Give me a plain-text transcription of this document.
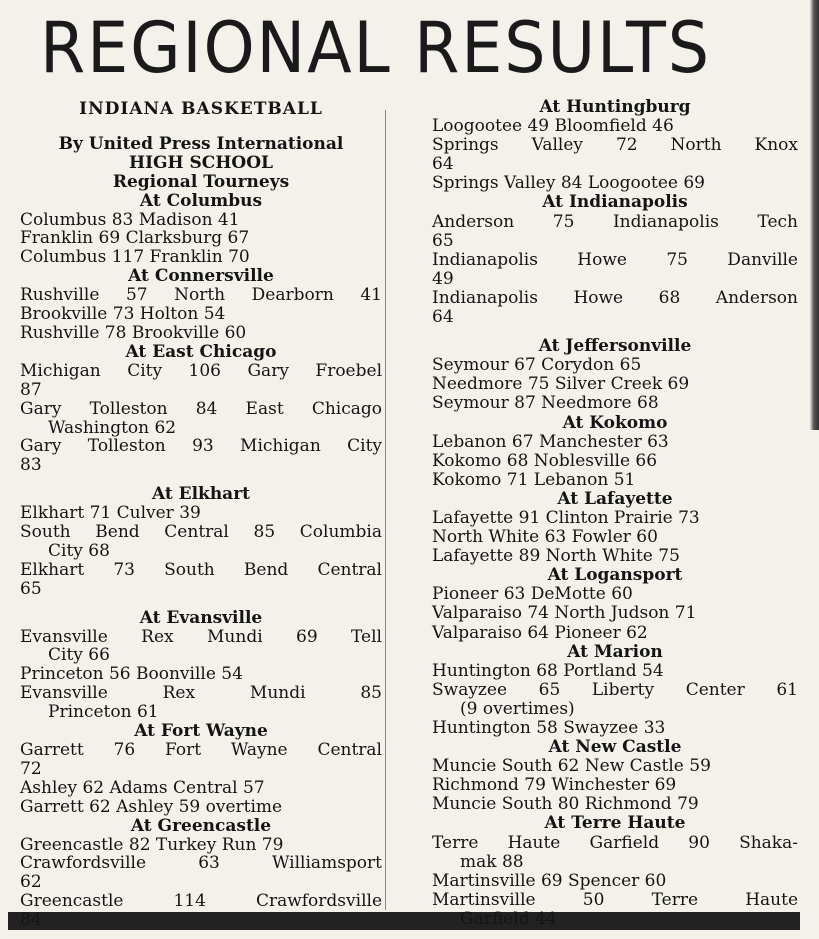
REGIONAL RESULTS
INDIANA BASKETBALL
By United Press International
HIGH SCHOOL
Regional Tourneys
At Columbus
Columbus 83 Madison 41
Franklin 69 Clarksburg 67
Columbus 117 Franklin 70
At Connersville
Rushville 57 North Dearborn 41
Brookville 73 Holton 54
Rushville 78 Brookville 60
At East Chicago
Michigan City 106 Gary Froebel
87
Gary Tolleston 84 East Chicago
Washington 62
Gary Tolleston 93 Michigan City
83
At Elkhart
Elkhart 71 Culver 39
South Bend Central 85 Columbia
City 68
Elkhart 73 South Bend Central
65
At Evansville
Evansville Rex Mundi 69 Tell
City 66
Princeton 56 Boonville 54
Evansville Rex Mundi 85
Princeton 61
At Fort Wayne
Garrett 76 Fort Wayne Central
72
Ashley 62 Adams Central 57
Garrett 62 Ashley 59 overtime
At Greencastle
Greencastle 82 Turkey Run 79
Crawfordsville 63 Williamsport
62
Greencastle 114 Crawfordsville
84
At Huntingburg
Loogootee 49 Bloomfield 46
Springs Valley 72 North Knox
64
Springs Valley 84 Loogootee 69
At Indianapolis
Anderson 75 Indianapolis Tech
65
Indianapolis Howe 75 Danville
49
Indianapolis Howe 68 Anderson
64
At Jeffersonville
Seymour 67 Corydon 65
Needmore 75 Silver Creek 69
Seymour 87 Needmore 68
At Kokomo
Lebanon 67 Manchester 63
Kokomo 68 Noblesville 66
Kokomo 71 Lebanon 51
At Lafayette
Lafayette 91 Clinton Prairie 73
North White 63 Fowler 60
Lafayette 89 North White 75
At Logansport
Pioneer 63 DeMotte 60
Valparaiso 74 North Judson 71
Valparaiso 64 Pioneer 62
At Marion
Huntington 68 Portland 54
Swayzee 65 Liberty Center 61
(9 overtimes)
Huntington 58 Swayzee 33
At New Castle
Muncie South 62 New Castle 59
Richmond 79 Winchester 69
Muncie South 80 Richmond 79
At Terre Haute
Terre Haute Garfield 90 Shaka-
mak 88
Martinsville 69 Spencer 60
Martinsville 50 Terre Haute
Garfield 44
